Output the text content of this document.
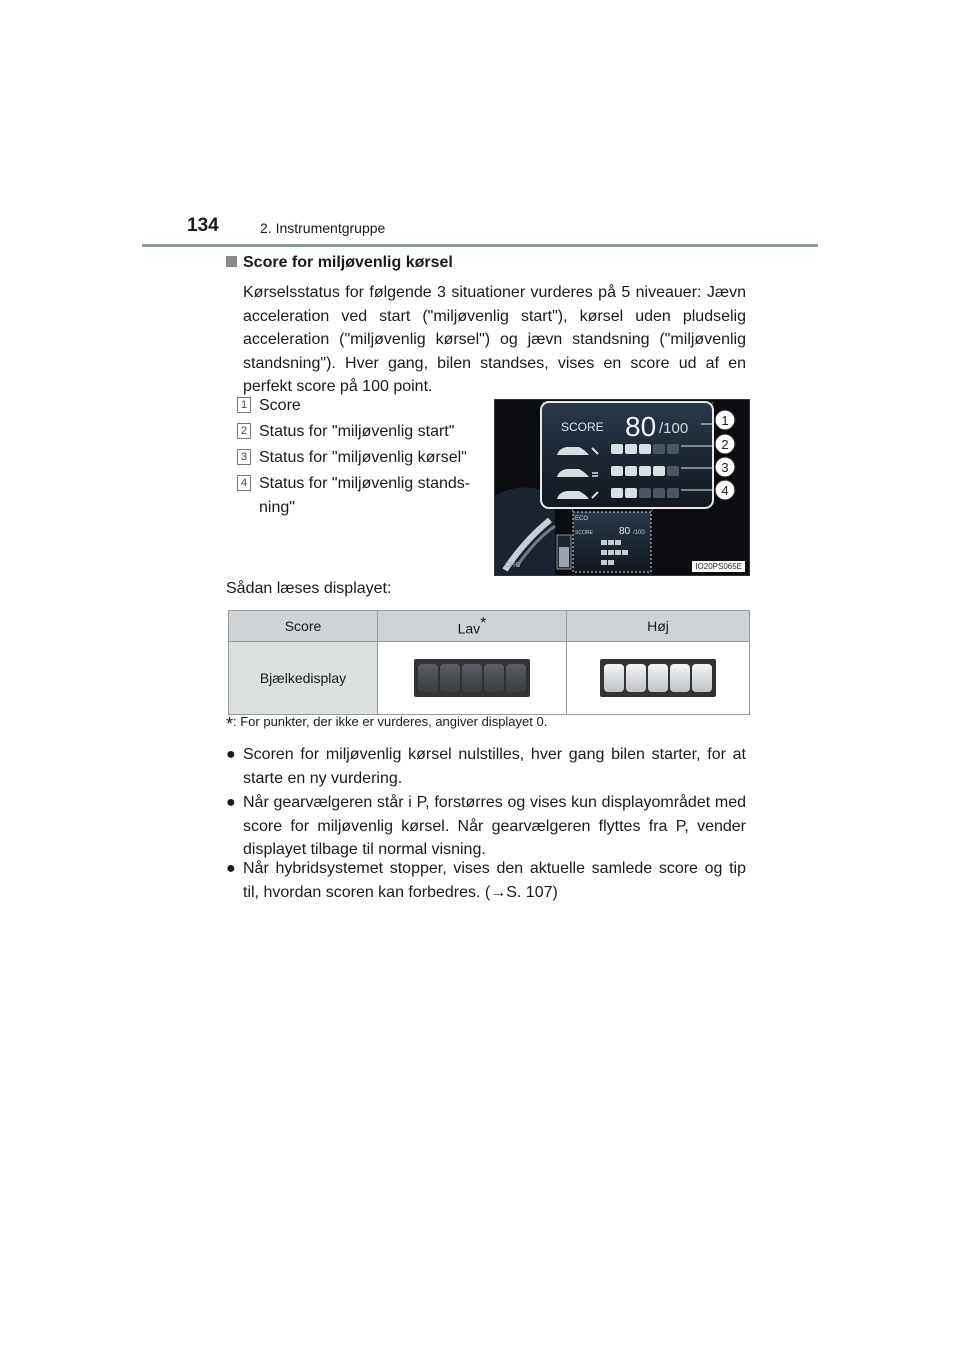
134	2. Instrumentgruppe
Score for miljøvenlig kørsel
Kørselsstatus for følgende 3 situationer vurderes på 5 niveauer: Jævn acceleration ved start ("miljøvenlig start"), kørsel uden pludselig acceleration ("miljøvenlig kørsel") og jævn standsning ("miljøvenlig standsning"). Hver gang, bilen standses, vises en score ud af en perfekt score på 100 point.
1 Score
2 Status for "miljøvenlig start"
3 Status for "miljøvenlig kørsel"
4 Status for "miljøvenlig standsning"
CHG
ECO
SCORE	80 /100
SCORE 80 /100	1
2
3
4
IO20PS065E
Sådan læses displayet:
Score	Lav*	Høj
Bjælkedisplay	

*: For punkter, der ikke er vurderes, angiver displayet 0.
● Scoren for miljøvenlig kørsel nulstilles, hver gang bilen starter, for at starte en ny vurdering.
● Når gearvælgeren står i P, forstørres og vises kun displayområdet med score for miljøvenlig kørsel. Når gearvælgeren flyttes fra P, vender displayet tilbage til normal visning.
● Når hybridsystemet stopper, vises den aktuelle samlede score og tip til, hvordan scoren kan forbedres. (→S. 107)
